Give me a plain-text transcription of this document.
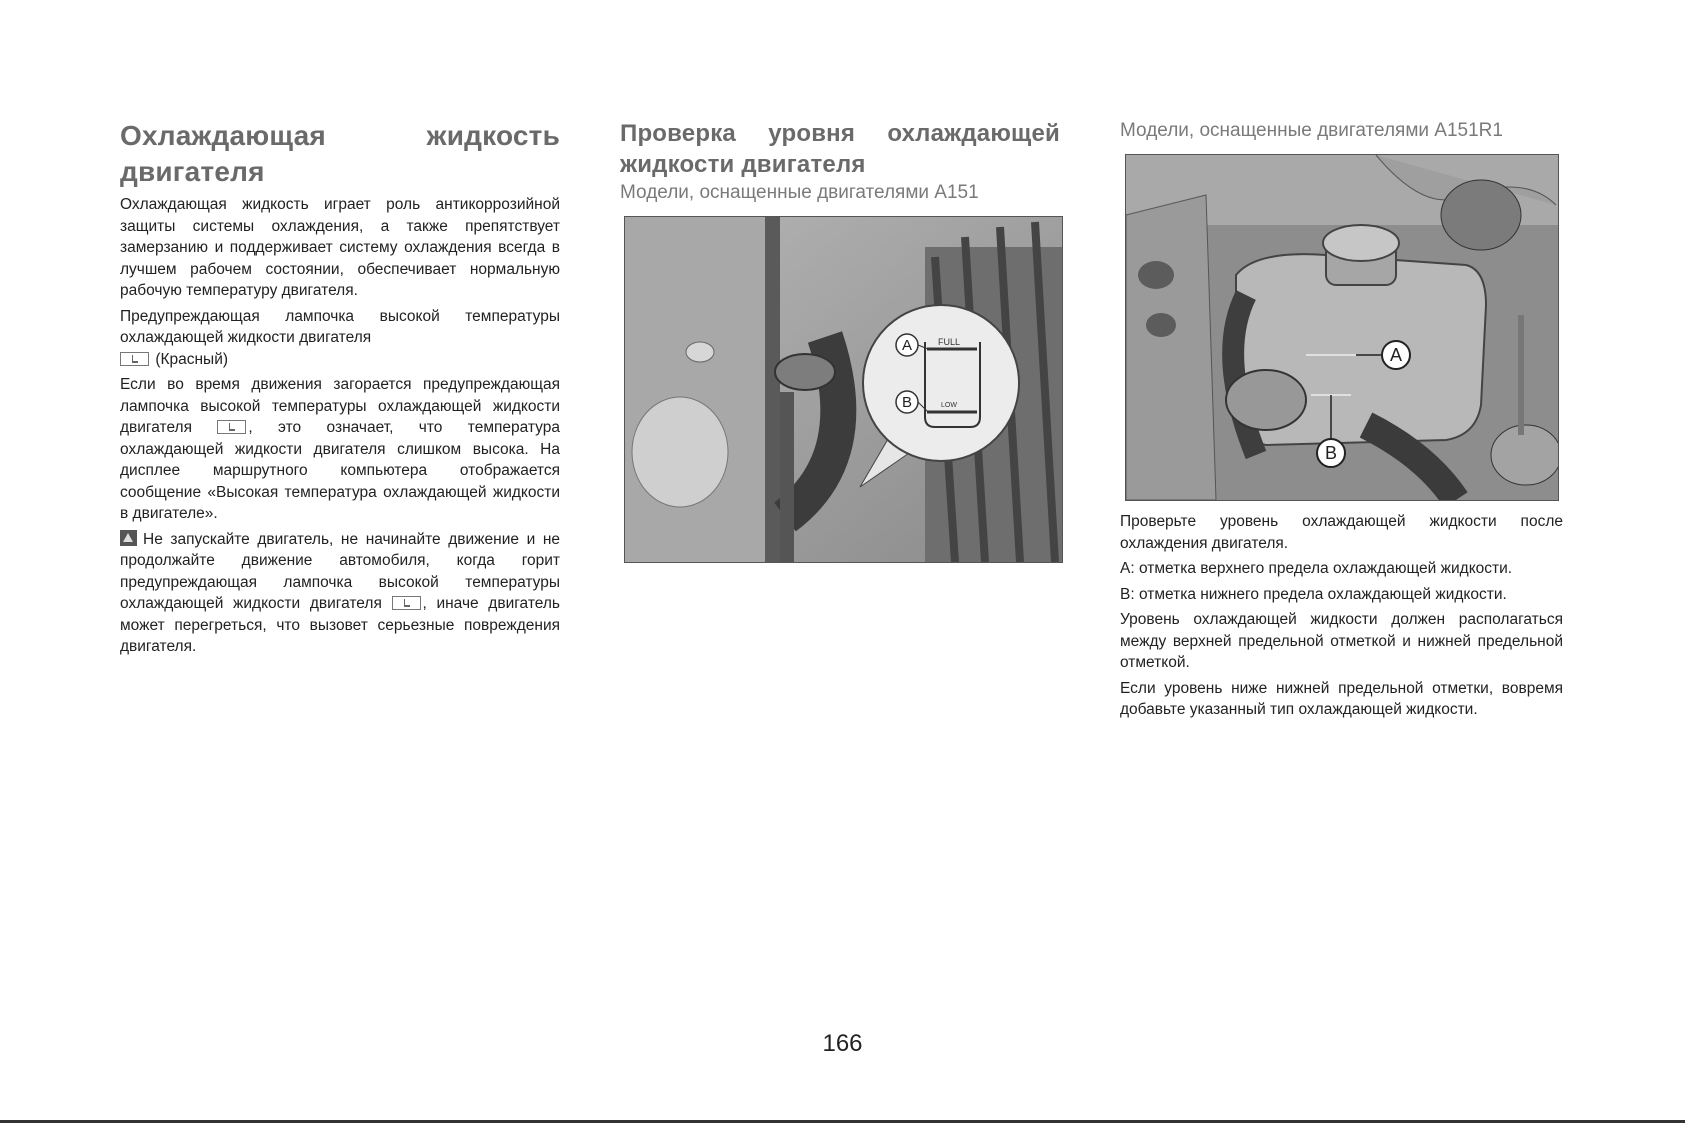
Охлаждающая жидкость двигателя

Охлаждающая жидкость играет роль антикоррозийной защиты системы охлаждения, а также препятствует замерзанию и поддерживает систему охлаждения всегда в лучшем рабочем состоянии, обеспечивает нормальную рабочую температуру двигателя.

Предупреждающая лампочка высокой температуры охлаждающей жидкости двигателя
(Красный)

Если во время движения загорается предупреждающая лампочка высокой температуры охлаждающей жидкости двигателя	, это означает, что температура охлаждающей жидкости двигателя слишком высока. На дисплее маршрутного компьютера отображается сообщение «Высокая температура охлаждающей жидкости в двигателе».

Не запускайте двигатель, не начинайте движение и не продолжайте движение автомобиля, когда горит предупреждающая лампочка высокой температуры охлаждающей жидкости двигателя	, иначе двигатель может перегреться, что вызовет серьезные повреждения двигателя.

Проверка уровня охлаждающей жидкости двигателя

Модели, оснащенные двигателями A151

A
B
FULL
LOW

Модели, оснащенные двигателями A151R1

A
B

Проверьте уровень охлаждающей жидкости после охлаждения двигателя.

A: отметка верхнего предела охлаждающей жидкости.

B: отметка нижнего предела охлаждающей жидкости.

Уровень охлаждающей жидкости должен располагаться между верхней предельной отметкой и нижней предельной отметкой.

Если уровень ниже нижней предельной отметки, вовремя добавьте указанный тип охлаждающей жидкости.

166
